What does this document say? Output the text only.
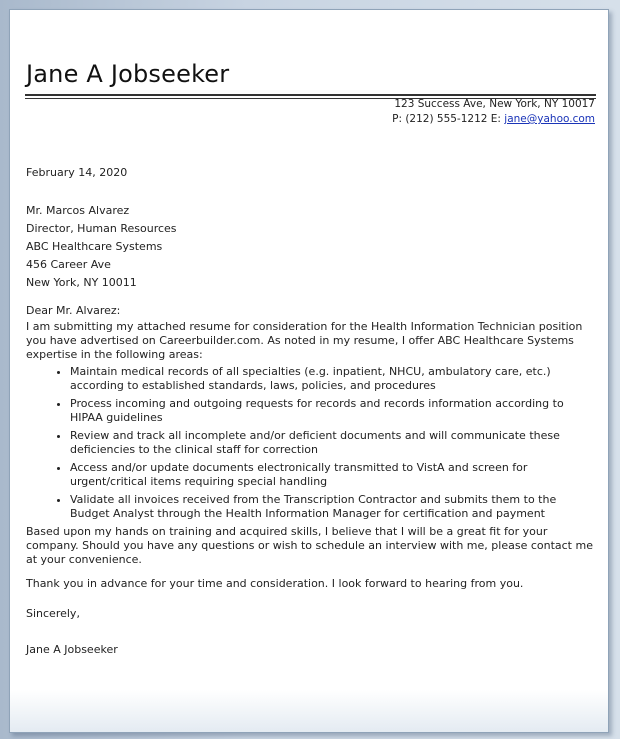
Jane A Jobseeker
123 Success Ave, New York, NY 10017
P: (212) 555-1212 E: jane@yahoo.com

February 14, 2020

Mr. Marcos Alvarez
Director, Human Resources
ABC Healthcare Systems
456 Career Ave
New York, NY 10011

Dear Mr. Alvarez:

I am submitting my attached resume for consideration for the Health Information Technician position you have advertised on Careerbuilder.com. As noted in my resume, I offer ABC Healthcare Systems expertise in the following areas:

• Maintain medical records of all specialties (e.g. inpatient, NHCU, ambulatory care, etc.) according to established standards, laws, policies, and procedures
• Process incoming and outgoing requests for records and records information according to HIPAA guidelines
• Review and track all incomplete and/or deficient documents and will communicate these deficiencies to the clinical staff for correction
• Access and/or update documents electronically transmitted to VistA and screen for urgent/critical items requiring special handling
• Validate all invoices received from the Transcription Contractor and submits them to the Budget Analyst through the Health Information Manager for certification and payment

Based upon my hands on training and acquired skills, I believe that I will be a great fit for your company. Should you have any questions or wish to schedule an interview with me, please contact me at your convenience.

Thank you in advance for your time and consideration. I look forward to hearing from you.

Sincerely,

Jane A Jobseeker
